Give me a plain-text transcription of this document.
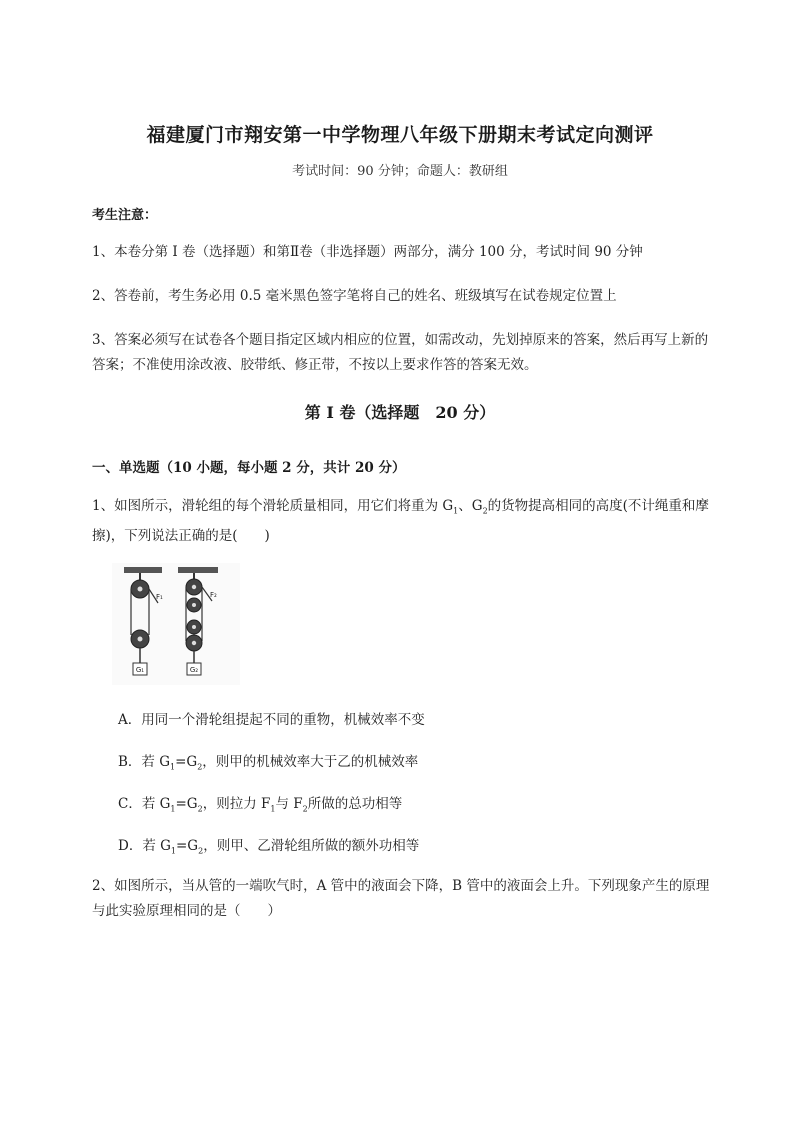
福建厦门市翔安第一中学物理八年级下册期末考试定向测评
考试时间：90 分钟；命题人：教研组
考生注意：
1、本卷分第 I 卷（选择题）和第Ⅱ卷（非选择题）两部分，满分 100 分，考试时间 90 分钟
2、答卷前，考生务必用 0.5 毫米黑色签字笔将自己的姓名、班级填写在试卷规定位置上
3、答案必须写在试卷各个题目指定区域内相应的位置，如需改动，先划掉原来的答案，然后再写上新的答案；不准使用涂改液、胶带纸、修正带，不按以上要求作答的答案无效。
第 I 卷（选择题　20 分）
一、单选题（10 小题，每小题 2 分，共计 20 分）
1、如图所示，滑轮组的每个滑轮质量相同，用它们将重为 $G_1$、$G_2$的货物提高相同的高度(不计绳重和摩擦)，下列说法正确的是(　　)
G₁
F₁
G₂
F₂
A．用同一个滑轮组提起不同的重物，机械效率不变
B．若 $G_1=G_2$，则甲的机械效率大于乙的机械效率
C．若 $G_1=G_2$，则拉力 $F_1$与 $F_2$所做的总功相等
D．若 $G_1=G_2$，则甲、乙滑轮组所做的额外功相等
2、如图所示，当从管的一端吹气时，A 管中的液面会下降，B 管中的液面会上升。下列现象产生的原理与此实验原理相同的是（　　）
